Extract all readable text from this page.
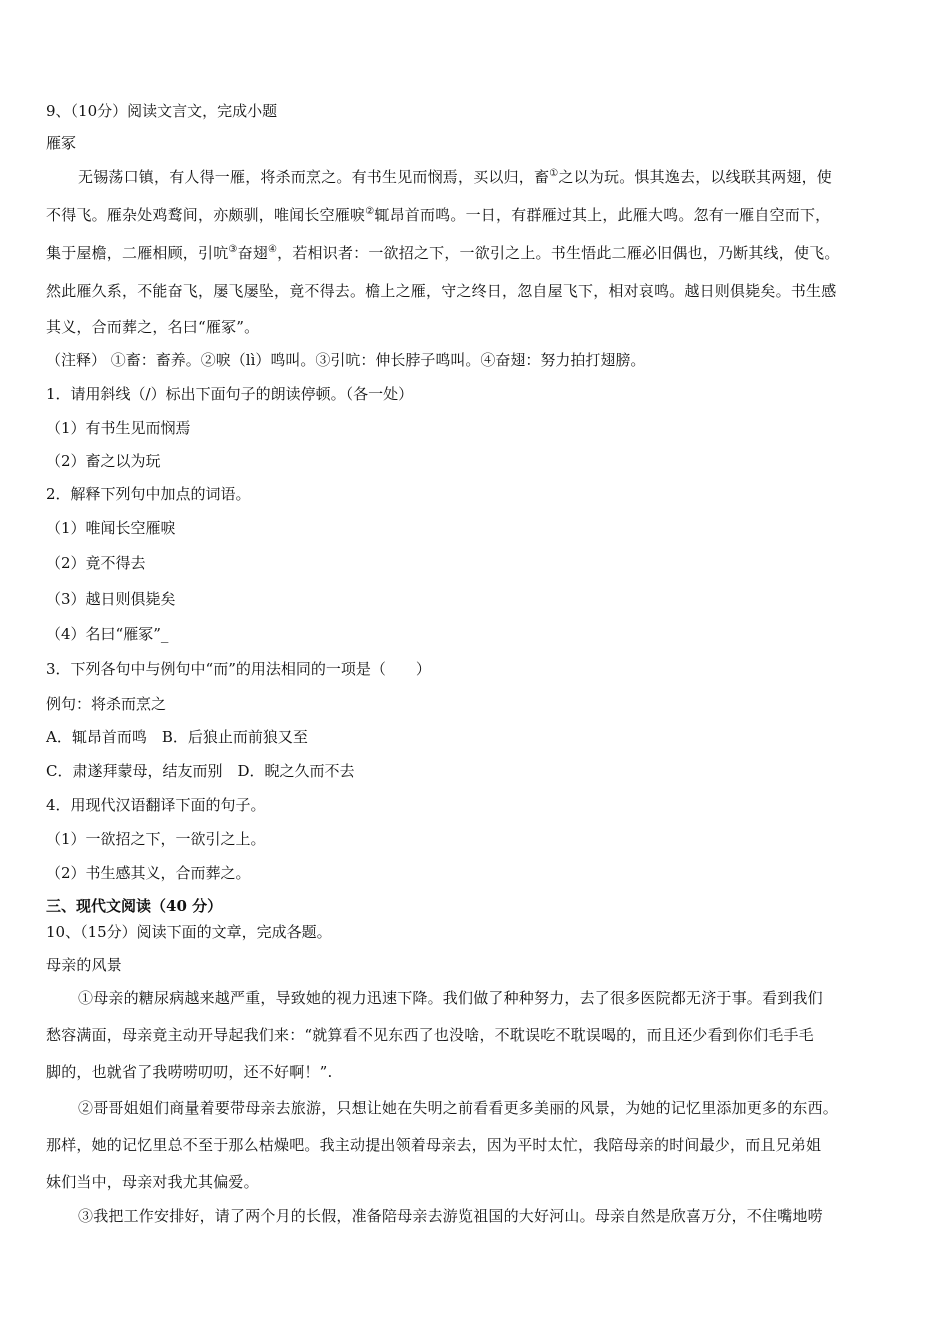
9、（10分）阅读文言文，完成小题
雁冢
无锡荡口镇，有人得一雁，将杀而烹之。有书生见而悯焉，买以归，畜①之以为玩。惧其逸去，以线联其两翅，使
不得飞。雁杂处鸡鹜间，亦颇驯，唯闻长空雁唳②辄昂首而鸣。一日，有群雁过其上，此雁大鸣。忽有一雁自空而下，
集于屋檐，二雁相顾，引吭③奋翅④，若相识者：一欲招之下，一欲引之上。书生悟此二雁必旧偶也，乃断其线，使飞。
然此雁久系，不能奋飞，屡飞屡坠，竟不得去。檐上之雁，守之终日，忽自屋飞下，相对哀鸣。越日则俱毙矣。书生感
其义，合而葬之，名曰“雁冢”。
（注释） ①畜：畜养。②唳（lì）鸣叫。③引吭：伸长脖子鸣叫。④奋翅：努力拍打翅膀。
1．请用斜线（/）标出下面句子的朗读停顿。（各一处）
（1）有书生见而悯焉
（2）畜之以为玩
2．解释下列句中加点的词语。
（1）唯闻长空雁唳
（2）竟不得去
（3）越日则俱毙矣
（4）名曰“雁冢”_
3．下列各句中与例句中“而”的用法相同的一项是（　　）
例句：将杀而烹之
A．辄昂首而鸣　B．后狼止而前狼又至
C．肃遂拜蒙母，结友而别　D．睨之久而不去
4．用现代汉语翻译下面的句子。
（1）一欲招之下，一欲引之上。
（2）书生感其义，合而葬之。
三、现代文阅读（40 分）
10、（15分）阅读下面的文章，完成各题。
母亲的风景
①母亲的糖尿病越来越严重，导致她的视力迅速下降。我们做了种种努力，去了很多医院都无济于事。看到我们
愁容满面，母亲竟主动开导起我们来：“就算看不见东西了也没啥，不耽误吃不耽误喝的，而且还少看到你们毛手毛
脚的，也就省了我唠唠叨叨，还不好啊！”.
②哥哥姐姐们商量着要带母亲去旅游，只想让她在失明之前看看更多美丽的风景，为她的记忆里添加更多的东西。
那样，她的记忆里总不至于那么枯燥吧。我主动提出领着母亲去，因为平时太忙，我陪母亲的时间最少，而且兄弟姐
妹们当中，母亲对我尤其偏爱。
③我把工作安排好，请了两个月的长假，准备陪母亲去游览祖国的大好河山。母亲自然是欣喜万分，不住嘴地唠
